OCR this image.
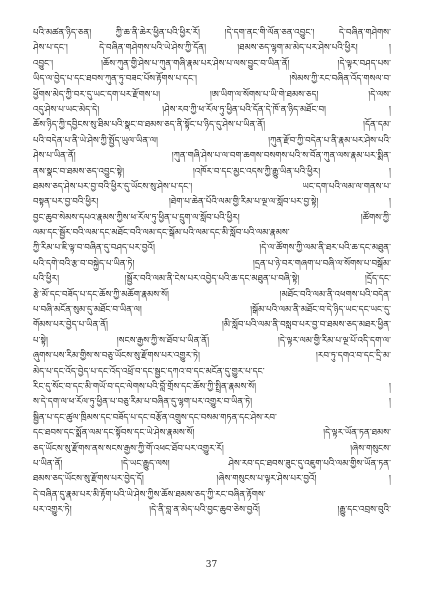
པའི་མཚན་ཉིད་ཅན། ཀྱི་ཆ་ནི་ཆེར་ཕྱིན་པའི་ཕྱིར་རོ། །དེ་དག་ནང་གི་ལོན་ཅན་འབྱུང་། དེ་བཞིན་གཤེགས་
ཤེས་པ་དང་། དེ་བཞིན་གཤེགས་པའི་ཡེ་ཤེས་ཀྱི་དོན། །ཐམས་ཅད་ལྷག་མ་མེད་པར་ཤེས་པའི་ཕྱིར། །
འབྱུང་། །ཆོས་ཀུན་གྱི་ཤེས་པ་ཀུན་གཞི་རྣམ་པར་ཤེས་པ་ལས་བྱུང་བ་ཡིན་ནོ། །དེ་ལྟར་བཤད་པས་
ཡིད་ལ་བྱེད་པ་དང་ཐབས་ཀུན་ཏུ་བཟང་པོས་རྟོགས་པ་དང་། །སེམས་ཀྱི་རང་བཞིན་འོད་གསལ་བ་
ཕྱོགས་མེད་ཀྱི་བར་དུ་ཡང་དག་པར་རྫོགས་པ། །ཨ་ཡིག་ལ་སོགས་པ་ཡི་གེ་ཐམས་ཅད། །དེ་ལས་
འདུ་ཤེས་པ་ཡང་མེད་དེ། །ཤེས་རབ་ཀྱི་ཕ་རོལ་ཏུ་ཕྱིན་པའི་དོན་དེ་ཁོ་ན་ཉིད་མཐོང་བ། །
ཆོས་ཉིད་ཀྱི་དབྱིངས་སུ་ཐིམ་པའི་སྣང་བ་ཐམས་ཅད་ནི་སྟོང་པ་ཉིད་དུ་ཤེས་པ་ཡིན་ནོ། །དོན་དམ་
པའི་བདེན་པ་ནི་ཡེ་ཤེས་ཀྱི་སྤྱོད་ཡུལ་ཡིན་ལ། །ཀུན་རྫོབ་ཀྱི་བདེན་པ་ནི་རྣམ་པར་ཤེས་པའི་
ཤེས་པ་ཡིན་ནོ། །ཀུན་གཞི་ཤེས་པ་ལ་བག་ཆགས་བསགས་པའི་ས་བོན་ཀུན་ལས་རྣམ་པར་སྨིན་
ནས་སྣང་བ་ཐམས་ཅད་འབྱུང་སྟེ། །འཁོར་བ་དང་མྱང་འདས་ཀྱི་རྒྱུ་ཡིན་པའི་ཕྱིར། །
ཐམས་ཅད་ཤེས་པར་བྱ་བའི་ཕྱིར་དུ་ཡོངས་སུ་ཤེས་པ་དང་། ཡང་དག་པའི་ལམ་ལ་གནས་པ་
བསྟན་པར་བྱ་བའི་ཕྱིར། །ཐེག་པ་ཆེན་པོའི་ལམ་གྱི་རིམ་པ་ལྔ་ལ་སློབ་པར་བྱ་སྟེ། །
བྱང་ཆུབ་སེམས་དཔའ་རྣམས་ཀྱིས་ཕ་རོལ་ཏུ་ཕྱིན་པ་དྲུག་ལ་སློབ་པའི་ཕྱིར། །ཚོགས་ཀྱི་
ལམ་དང་སྦྱོར་བའི་ལམ་དང་མཐོང་བའི་ལམ་དང་སྒོམ་པའི་ལམ་དང་མི་སློབ་པའི་ལམ་རྣམས་
ཀྱི་རིམ་པ་ཇི་ལྟ་བ་བཞིན་དུ་བཤད་པར་བྱའོ། །དེ་ལ་ཚོགས་ཀྱི་ལམ་ནི་ཐར་པའི་ཆ་དང་མཐུན་
པའི་དགེ་བའི་རྩ་བ་བསྐྱེད་པ་ཡིན་ཏེ། །དྲན་པ་ཉེ་བར་གཞག་པ་བཞི་ལ་སོགས་པ་བསྒོམ་
པའི་ཕྱིར། །སྦྱོར་བའི་ལམ་ནི་ངེས་པར་འབྱེད་པའི་ཆ་དང་མཐུན་པ་བཞི་སྟེ། །དྲོད་དང་
རྩེ་མོ་དང་བཟོད་པ་དང་ཆོས་ཀྱི་མཆོག་རྣམས་སོ། །མཐོང་བའི་ལམ་ནི་འཕགས་པའི་བདེན་
པ་བཞི་མངོན་སུམ་དུ་མཐོང་བ་ཡིན་ལ། །སྒོམ་པའི་ལམ་ནི་མཐོང་བ་དེ་ཉིད་ཡང་དང་ཡང་དུ་
གོམས་པར་བྱེད་པ་ཡིན་ནོ། །མི་སློབ་པའི་ལམ་ནི་བསླབ་པར་བྱ་བ་ཐམས་ཅད་མཐར་ཕྱིན་
པ་སྟེ། །སངས་རྒྱས་ཀྱི་ས་ཐོབ་པ་ཡིན་ནོ། །དེ་ལྟར་ལམ་གྱི་རིམ་པ་ལྔ་པོ་འདི་དག་ལ་
ཞུགས་པས་རིམ་གྱིས་ས་བཅུ་ཡོངས་སུ་རྫོགས་པར་འགྱུར་ཏེ། །རབ་ཏུ་དགའ་བ་དང་དྲི་མ་
མེད་པ་དང་འོད་བྱེད་པ་དང་འོད་འཕྲོ་བ་དང་སྦྱང་དཀའ་བ་དང་མངོན་དུ་གྱུར་པ་དང་
རིང་དུ་སོང་བ་དང་མི་གཡོ་བ་དང་ལེགས་པའི་བློ་གྲོས་དང་ཆོས་ཀྱི་སྤྲིན་རྣམས་སོ། །
ས་དེ་དག་ལ་ཕ་རོལ་ཏུ་ཕྱིན་པ་བཅུ་རིམ་པ་བཞིན་དུ་ལྷག་པར་འགྱུར་བ་ཡིན་ཏེ། །
སྦྱིན་པ་དང་ཚུལ་ཁྲིམས་དང་བཟོད་པ་དང་བརྩོན་འགྲུས་དང་བསམ་གཏན་དང་ཤེས་རབ་
དང་ཐབས་དང་སྨོན་ལམ་དང་སྟོབས་དང་ཡེ་ཤེས་རྣམས་སོ། །དེ་ལྟར་ཡོན་ཏན་ཐམས་
ཅད་ཡོངས་སུ་རྫོགས་ནས་སངས་རྒྱས་ཀྱི་གོ་འཕང་ཐོབ་པར་འགྱུར་རོ། །ཞེས་གསུངས་
པ་ཡིན་ནོ། །དེ་ཡང་རྒྱུད་ལས། ཤེས་རབ་དང་ཐབས་ཟུང་དུ་འཇུག་པའི་ལམ་གྱིས་ཡོན་ཏན་
ཐམས་ཅད་ཡོངས་སུ་རྫོགས་པར་བྱེད་དོ། །ཞེས་གསུངས་པ་ལྟར་ཤེས་པར་བྱའོ། །
དེ་བཞིན་དུ་རྣམ་པར་མི་རྟོག་པའི་ཡེ་ཤེས་ཀྱིས་ཆོས་ཐམས་ཅད་ཀྱི་རང་བཞིན་རྟོགས་
པར་འགྱུར་ཏེ། །དེ་ནི་བླ་ན་མེད་པའི་བྱང་ཆུབ་ཅེས་བྱའོ། །རྒྱུ་དང་འབྲས་བུའི་
37
